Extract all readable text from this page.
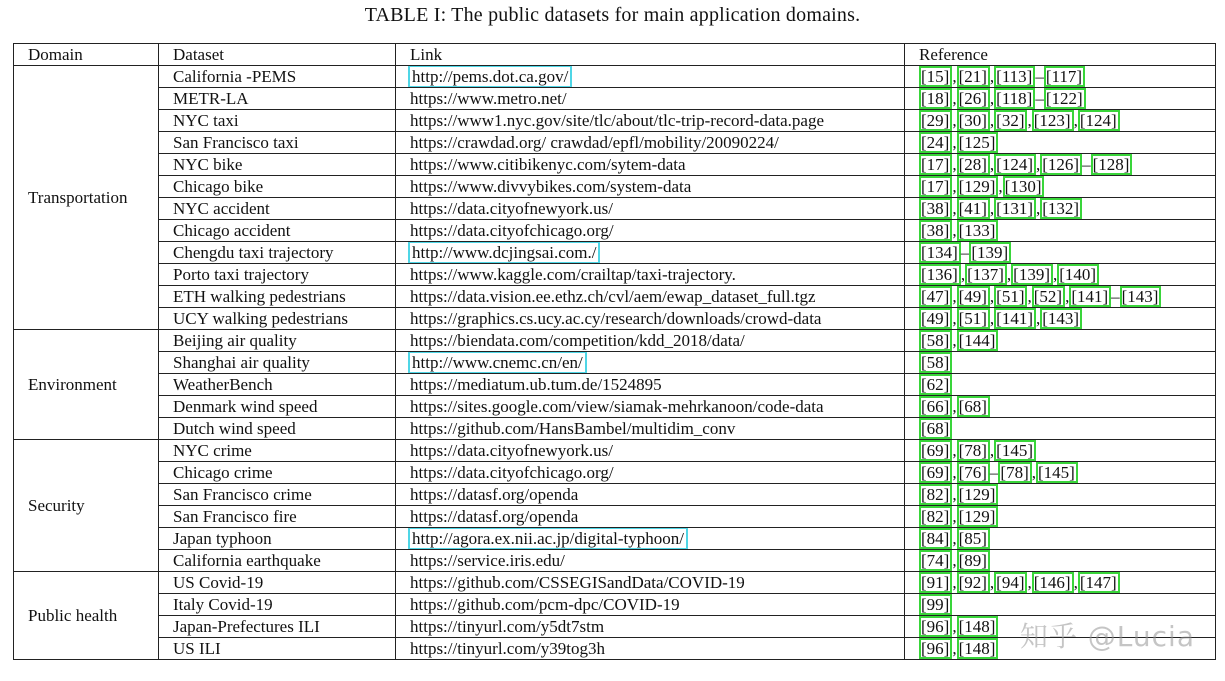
TABLE I: The public datasets for main application domains.
Domain	Dataset	Link	Reference
Transportation	California -PEMS	http://pems.dot.ca.gov/	[15] ,[21] ,[113] – [117]
	METR-LA	https://www.metro.net/	[18] ,[26] ,[118] – [122]
	NYC taxi	https://www1.nyc.gov/site/tlc/about/tlc-trip-record-data.page	[29] ,[30] ,[32] ,[123] ,[124]
	San Francisco taxi	https://crawdad.org/ crawdad/epfl/mobility/20090224/	[24] ,[125]
	NYC bike	https://www.citibikenyc.com/sytem-data	[17] ,[28] ,[124] ,[126] – [128]
	Chicago bike	https://www.divvybikes.com/system-data	[17] ,[129] ,[130]
	NYC accident	https://data.cityofnewyork.us/	[38] ,[41] ,[131] ,[132]
	Chicago accident	https://data.cityofchicago.org/	[38] ,[133]
	Chengdu taxi trajectory	http://www.dcjingsai.com./	[134] – [139]
	Porto taxi trajectory	https://www.kaggle.com/crailtap/taxi-trajectory.	[136] ,[137] ,[139] ,[140]
	ETH walking pedestrians	https://data.vision.ee.ethz.ch/cvl/aem/ewap_dataset_full.tgz	[47] ,[49] ,[51] ,[52] ,[141] – [143]
	UCY walking pedestrians	https://graphics.cs.ucy.ac.cy/research/downloads/crowd-data	[49] ,[51] ,[141] ,[143]
Environment	Beijing air quality	https://biendata.com/competition/kdd_2018/data/	[58] ,[144]
	Shanghai air quality	http://www.cnemc.cn/en/	[58]
	WeatherBench	https://mediatum.ub.tum.de/1524895	[62]
	Denmark wind speed	https://sites.google.com/view/siamak-mehrkanoon/code-data	[66] ,[68]
	Dutch wind speed	https://github.com/HansBambel/multidim_conv	[68]
Security	NYC crime	https://data.cityofnewyork.us/	[69] ,[78] ,[145]
	Chicago crime	https://data.cityofchicago.org/	[69] ,[76] – [78] ,[145]
	San Francisco crime	https://datasf.org/opendа	[82] ,[129]
	San Francisco fire	https://datasf.org/opendа	[82] ,[129]
	Japan typhoon	http://agora.ex.nii.ac.jp/digital-typhoon/	[84] ,[85]
	California earthquake	https://service.iris.edu/	[74] ,[89]
Public health	US Covid-19	https://github.com/CSSEGISandData/COVID-19	[91] ,[92] ,[94] ,[146] ,[147]
	Italy Covid-19	https://github.com/pcm-dpc/COVID-19	[99]
	Japan-Prefectures ILI	https://tinyurl.com/y5dt7stm	[96] ,[148]
	US ILI	https://tinyurl.com/y39tog3h	[96] ,[148] 知乎 @Lucia
